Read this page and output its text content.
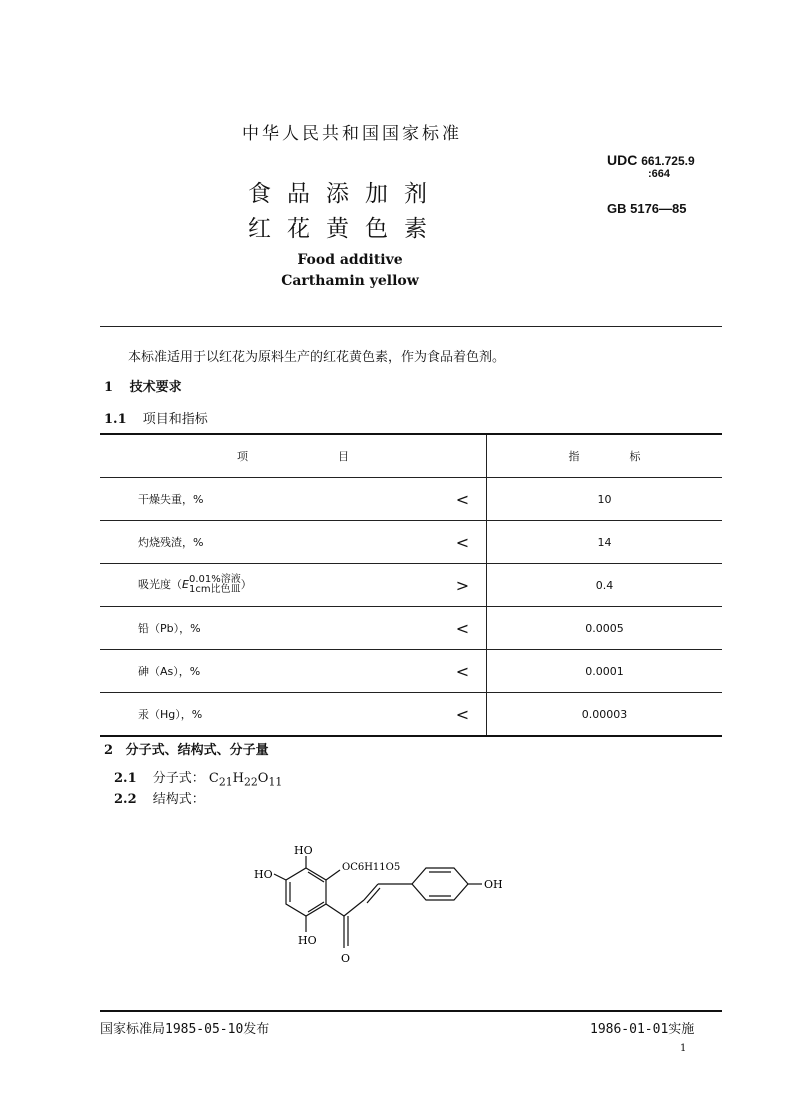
中华人民共和国国家标准
食品添加剂
红花黄色素
Food additive
Carthamin yellow
UDC 661.725.9
:664
GB 5176—85
本标准适用于以红花为原料生产的红花黄色素，作为食品着色剂。
1 技术要求
1.1 项目和指标
项目		指标
干燥失重，%	<	10
灼烧残渣，%	<	14
吸光度（E 0.01%溶液
1cm比色皿 ）	>	0.4
铅（Pb），%	<	0.0005
砷（As），%	<	0.0001
汞（Hg），%	<	0.00003
2 分子式、结构式、分子量
2.1 分子式： $C_{21}H_{22}O_{11}$
2.2 结构式：
HO
HO
HO
OC6H11O5
O
OH
国家标准局1985-05-10发布	1986-01-01实施
1
